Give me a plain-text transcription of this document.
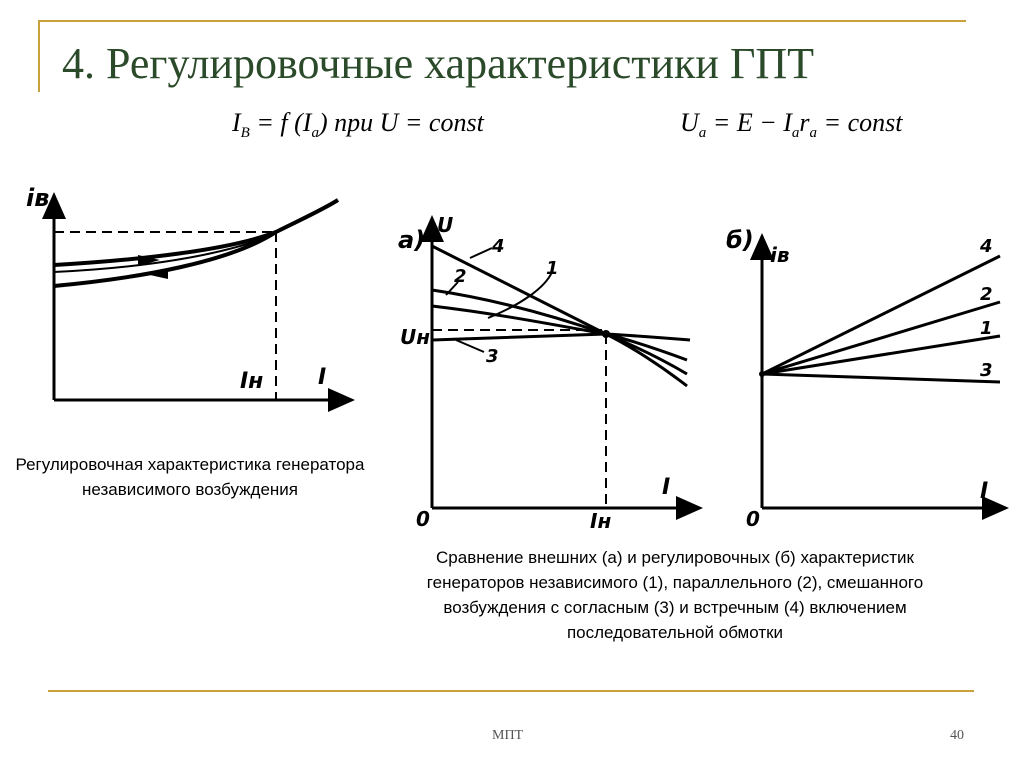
4. Регулировочные характеристики ГПТ
$I_B = f$ $(I_a)$ при U = const	$U_a = E - I_ar_a$ = const
iв
I
Iн
a)
U
Uн
I
0	Iн
1
2
3
4	б)
iв
I
0
1
2
3
4
Регулировочная характеристика генератора независимого возбуждения
Сравнение внешних (а) и регулировочных (б) характеристик генераторов независимого (1), параллельного (2), смешанного возбуждения с согласным (3) и встречным (4) включением последовательной обмотки
МПТ	40
